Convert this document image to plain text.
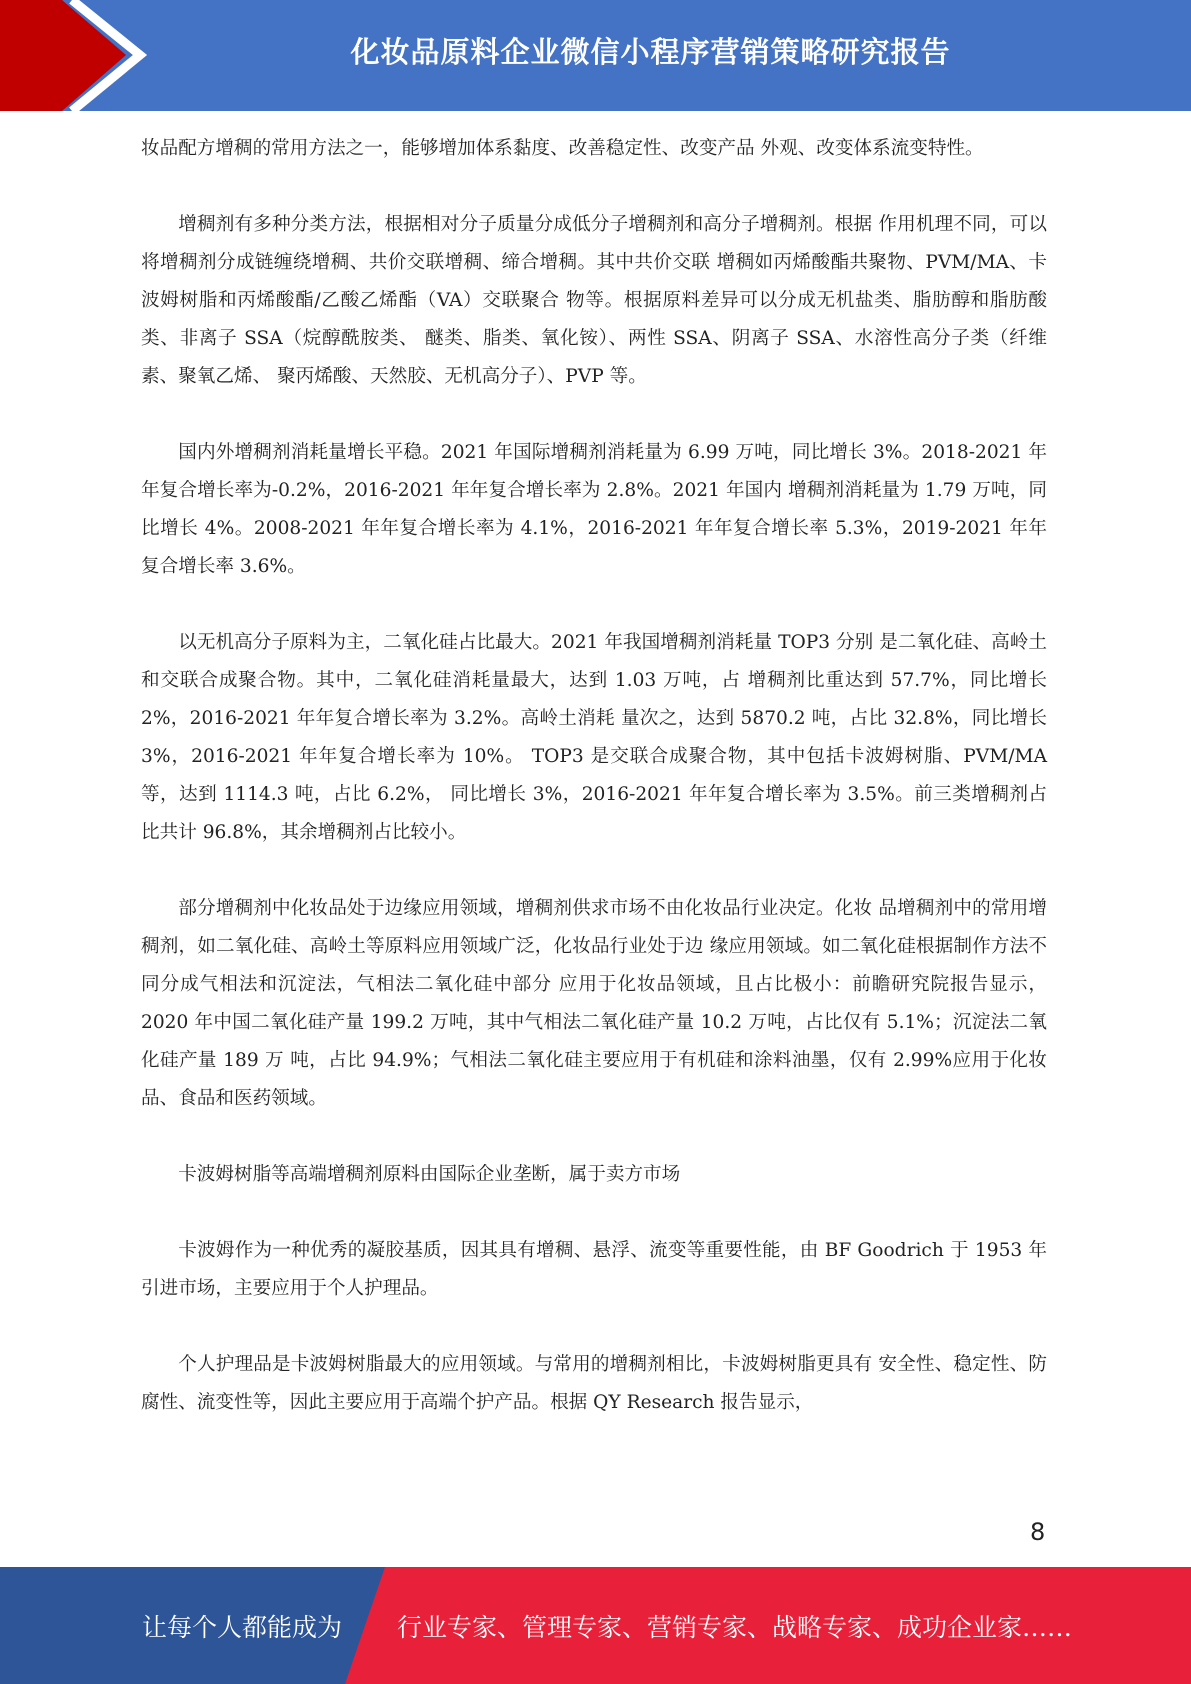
化妆品原料企业微信小程序营销策略研究报告

妆品配方增稠的常用方法之一，能够增加体系黏度、改善稳定性、改变产品 外观、改变体系流变特性。

增稠剂有多种分类方法，根据相对分子质量分成低分子增稠剂和高分子增稠剂。根据 作用机理不同，可以将增稠剂分成链缠绕增稠、共价交联增稠、缔合增稠。其中共价交联 增稠如丙烯酸酯共聚物、PVM/MA、卡波姆树脂和丙烯酸酯/乙酸乙烯酯（VA）交联聚合 物等。根据原料差异可以分成无机盐类、脂肪醇和脂肪酸类、非离子 SSA（烷醇酰胺类、 醚类、脂类、氧化铵）、两性 SSA、阴离子 SSA、水溶性高分子类（纤维素、聚氧乙烯、 聚丙烯酸、天然胶、无机高分子）、PVP 等。

国内外增稠剂消耗量增长平稳。2021 年国际增稠剂消耗量为 6.99 万吨，同比增长 3%。2018-2021 年年复合增长率为-0.2%，2016-2021 年年复合增长率为 2.8%。2021 年国内 增稠剂消耗量为 1.79 万吨，同比增长 4%。2008-2021 年年复合增长率为 4.1%，2016-2021 年年复合增长率 5.3%，2019-2021 年年复合增长率 3.6%。

以无机高分子原料为主，二氧化硅占比最大。2021 年我国增稠剂消耗量 TOP3 分别 是二氧化硅、高岭土和交联合成聚合物。其中，二氧化硅消耗量最大，达到 1.03 万吨，占 增稠剂比重达到 57.7%，同比增长 2%，2016-2021 年年复合增长率为 3.2%。高岭土消耗 量次之，达到 5870.2 吨，占比 32.8%，同比增长 3%，2016-2021 年年复合增长率为 10%。 TOP3 是交联合成聚合物，其中包括卡波姆树脂、PVM/MA 等，达到 1114.3 吨，占比 6.2%， 同比增长 3%，2016-2021 年年复合增长率为 3.5%。前三类增稠剂占比共计 96.8%，其余增稠剂占比较小。

部分增稠剂中化妆品处于边缘应用领域，增稠剂供求市场不由化妆品行业决定。化妆 品增稠剂中的常用增稠剂，如二氧化硅、高岭土等原料应用领域广泛，化妆品行业处于边 缘应用领域。如二氧化硅根据制作方法不同分成气相法和沉淀法，气相法二氧化硅中部分 应用于化妆品领域，且占比极小：前瞻研究院报告显示，2020 年中国二氧化硅产量 199.2 万吨，其中气相法二氧化硅产量 10.2 万吨，占比仅有 5.1%；沉淀法二氧化硅产量 189 万 吨，占比 94.9%；气相法二氧化硅主要应用于有机硅和涂料油墨，仅有 2.99%应用于化妆 品、食品和医药领域。

卡波姆树脂等高端增稠剂原料由国际企业垄断，属于卖方市场

卡波姆作为一种优秀的凝胶基质，因其具有增稠、悬浮、流变等重要性能，由 BF Goodrich 于 1953 年引进市场，主要应用于个人护理品。

个人护理品是卡波姆树脂最大的应用领域。与常用的增稠剂相比，卡波姆树脂更具有 安全性、稳定性、防腐性、流变性等，因此主要应用于高端个护产品。根据 QY Research 报告显示，

8
让每个人都能成为 行业专家、管理专家、营销专家、战略专家、成功企业家……
